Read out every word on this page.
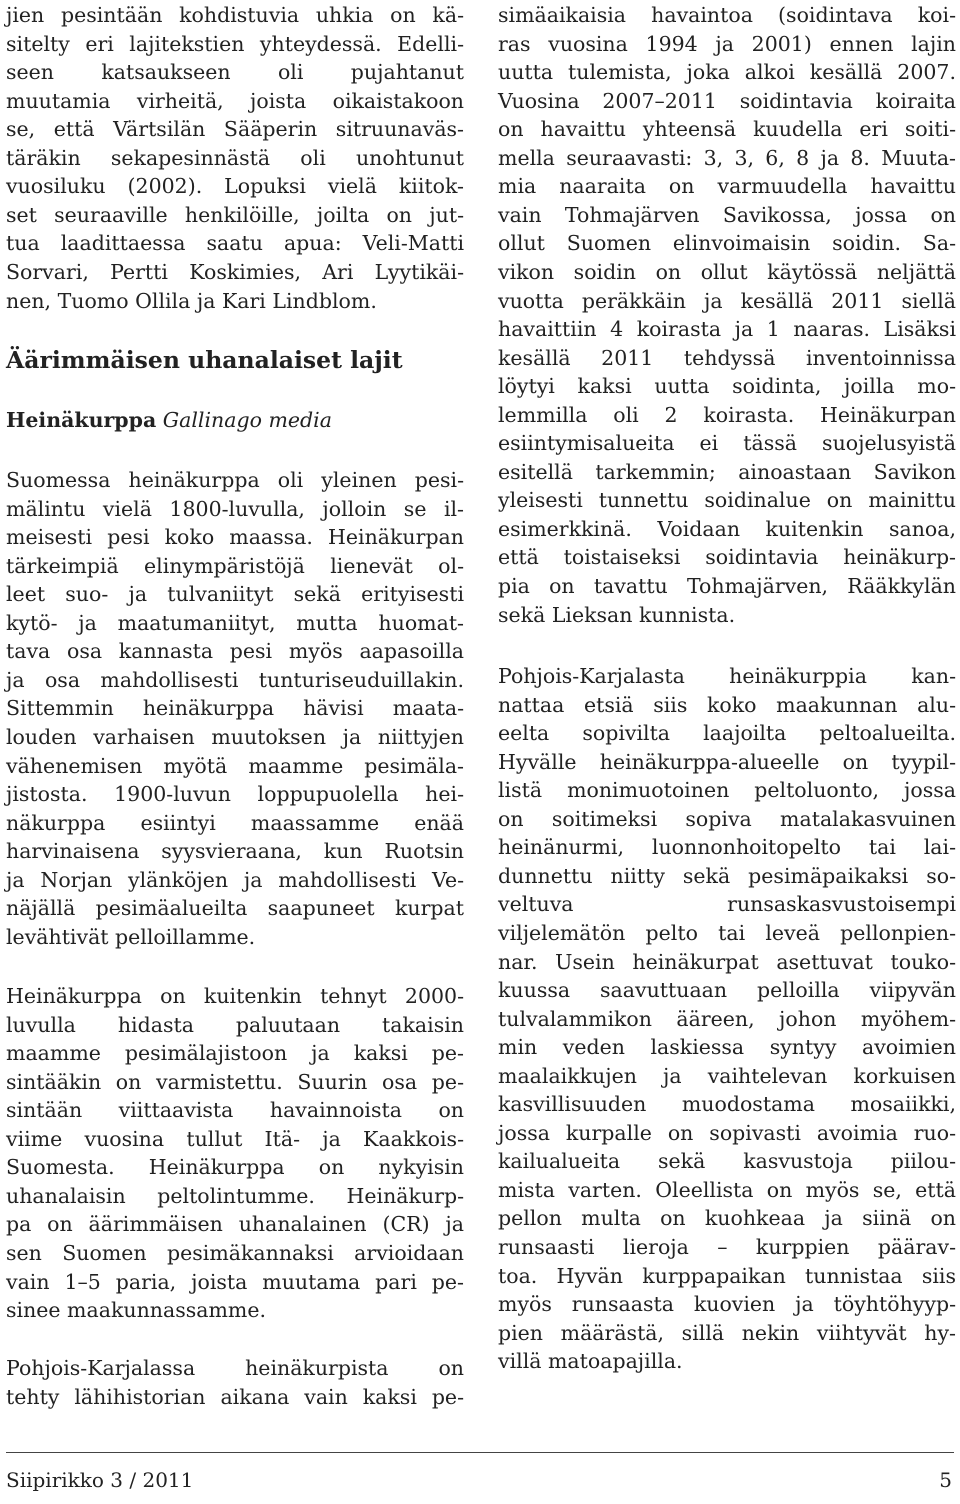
jien pesintään kohdistuvia uhkia on kä-
sitelty eri lajitekstien yhteydessä. Edelli-
seen katsaukseen oli pujahtanut
muutamia virheitä, joista oikaistakoon
se, että Värtsilän Sääperin sitruunaväs-
täräkin sekapesinnästä oli unohtunut
vuosiluku (2002). Lopuksi vielä kiitok-
set seuraaville henkilöille, joilta on jut-
tua laadittaessa saatu apua: Veli-Matti
Sorvari, Pertti Koskimies, Ari Lyytikäi-
nen, Tuomo Ollila ja Kari Lindblom.
Suomessa heinäkurppa oli yleinen pesi-
mälintu vielä 1800-luvulla, jolloin se il-
meisesti pesi koko maassa. Heinäkurpan
tärkeimpiä elinympäristöjä lienevät ol-
leet suo- ja tulvaniityt sekä erityisesti
kytö- ja maatumaniityt, mutta huomat-
tava osa kannasta pesi myös aapasoilla
ja osa mahdollisesti tunturiseuduillakin.
Sittemmin heinäkurppa hävisi maata-
louden varhaisen muutoksen ja niittyjen
vähenemisen myötä maamme pesimäla-
jistosta. 1900-luvun loppupuolella hei-
näkurppa esiintyi maassamme enää
harvinaisena syysvieraana, kun Ruotsin
ja Norjan ylänköjen ja mahdollisesti Ve-
näjällä pesimäalueilta saapuneet kurpat
levähtivät pelloillamme.
Heinäkurppa on kuitenkin tehnyt 2000-
luvulla hidasta paluutaan takaisin
maamme pesimälajistoon ja kaksi pe-
sintääkin on varmistettu. Suurin osa pe-
sintään viittaavista havainnoista on
viime vuosina tullut Itä- ja Kaakkois-
Suomesta. Heinäkurppa on nykyisin
uhanalaisin peltolintumme. Heinäkurp-
pa on äärimmäisen uhanalainen (CR) ja
sen Suomen pesimäkannaksi arvioidaan
vain 1–5 paria, joista muutama pari pe-
sinee maakunnassamme.
Pohjois-Karjalassa heinäkurpista on
tehty lähihistorian aikana vain kaksi pe-
Äärimmäisen uhanalaiset lajit
Heinäkurppa Gallinago media
simäaikaisia havaintoa (soidintava koi-
ras vuosina 1994 ja 2001) ennen lajin
uutta tulemista, joka alkoi kesällä 2007.
Vuosina 2007–2011 soidintavia koiraita
on havaittu yhteensä kuudella eri soiti-
mella seuraavasti: 3, 3, 6, 8 ja 8. Muuta-
mia naaraita on varmuudella havaittu
vain Tohmajärven Savikossa, jossa on
ollut Suomen elinvoimaisin soidin. Sa-
vikon soidin on ollut käytössä neljättä
vuotta peräkkäin ja kesällä 2011 siellä
havaittiin 4 koirasta ja 1 naaras. Lisäksi
kesällä 2011 tehdyssä inventoinnissa
löytyi kaksi uutta soidinta, joilla mo-
lemmilla oli 2 koirasta. Heinäkurpan
esiintymisalueita ei tässä suojelusyistä
esitellä tarkemmin; ainoastaan Savikon
yleisesti tunnettu soidinalue on mainittu
esimerkkinä. Voidaan kuitenkin sanoa,
että toistaiseksi soidintavia heinäkurp-
pia on tavattu Tohmajärven, Rääkkylän
sekä Lieksan kunnista.
Pohjois-Karjalasta heinäkurppia kan-
nattaa etsiä siis koko maakunnan alu-
eelta sopivilta laajoilta peltoalueilta.
Hyvälle heinäkurppa-alueelle on tyypil-
listä monimuotoinen peltoluonto, jossa
on soitimeksi sopiva matalakasvuinen
heinänurmi, luonnonhoitopelto tai lai-
dunnettu niitty sekä pesimäpaikaksi so-
veltuva runsaskasvustoisempi
viljelemätön pelto tai leveä pellonpien-
nar. Usein heinäkurpat asettuvat touko-
kuussa saavuttuaan pelloilla viipyvän
tulvalammikon ääreen, johon myöhem-
min veden laskiessa syntyy avoimien
maalaikkujen ja vaihtelevan korkuisen
kasvillisuuden muodostama mosaiikki,
jossa kurpalle on sopivasti avoimia ruo-
kailualueita sekä kasvustoja piilou-
mista varten. Oleellista on myös se, että
pellon multa on kuohkeaa ja siinä on
runsaasti lieroja – kurppien päärav-
toa. Hyvän kurppapaikan tunnistaa siis
myös runsaasta kuovien ja töyhtöhyyp-
pien määrästä, sillä nekin viihtyvät hy-
villä matoapajilla.
Siipirikko 3 / 2011	5
